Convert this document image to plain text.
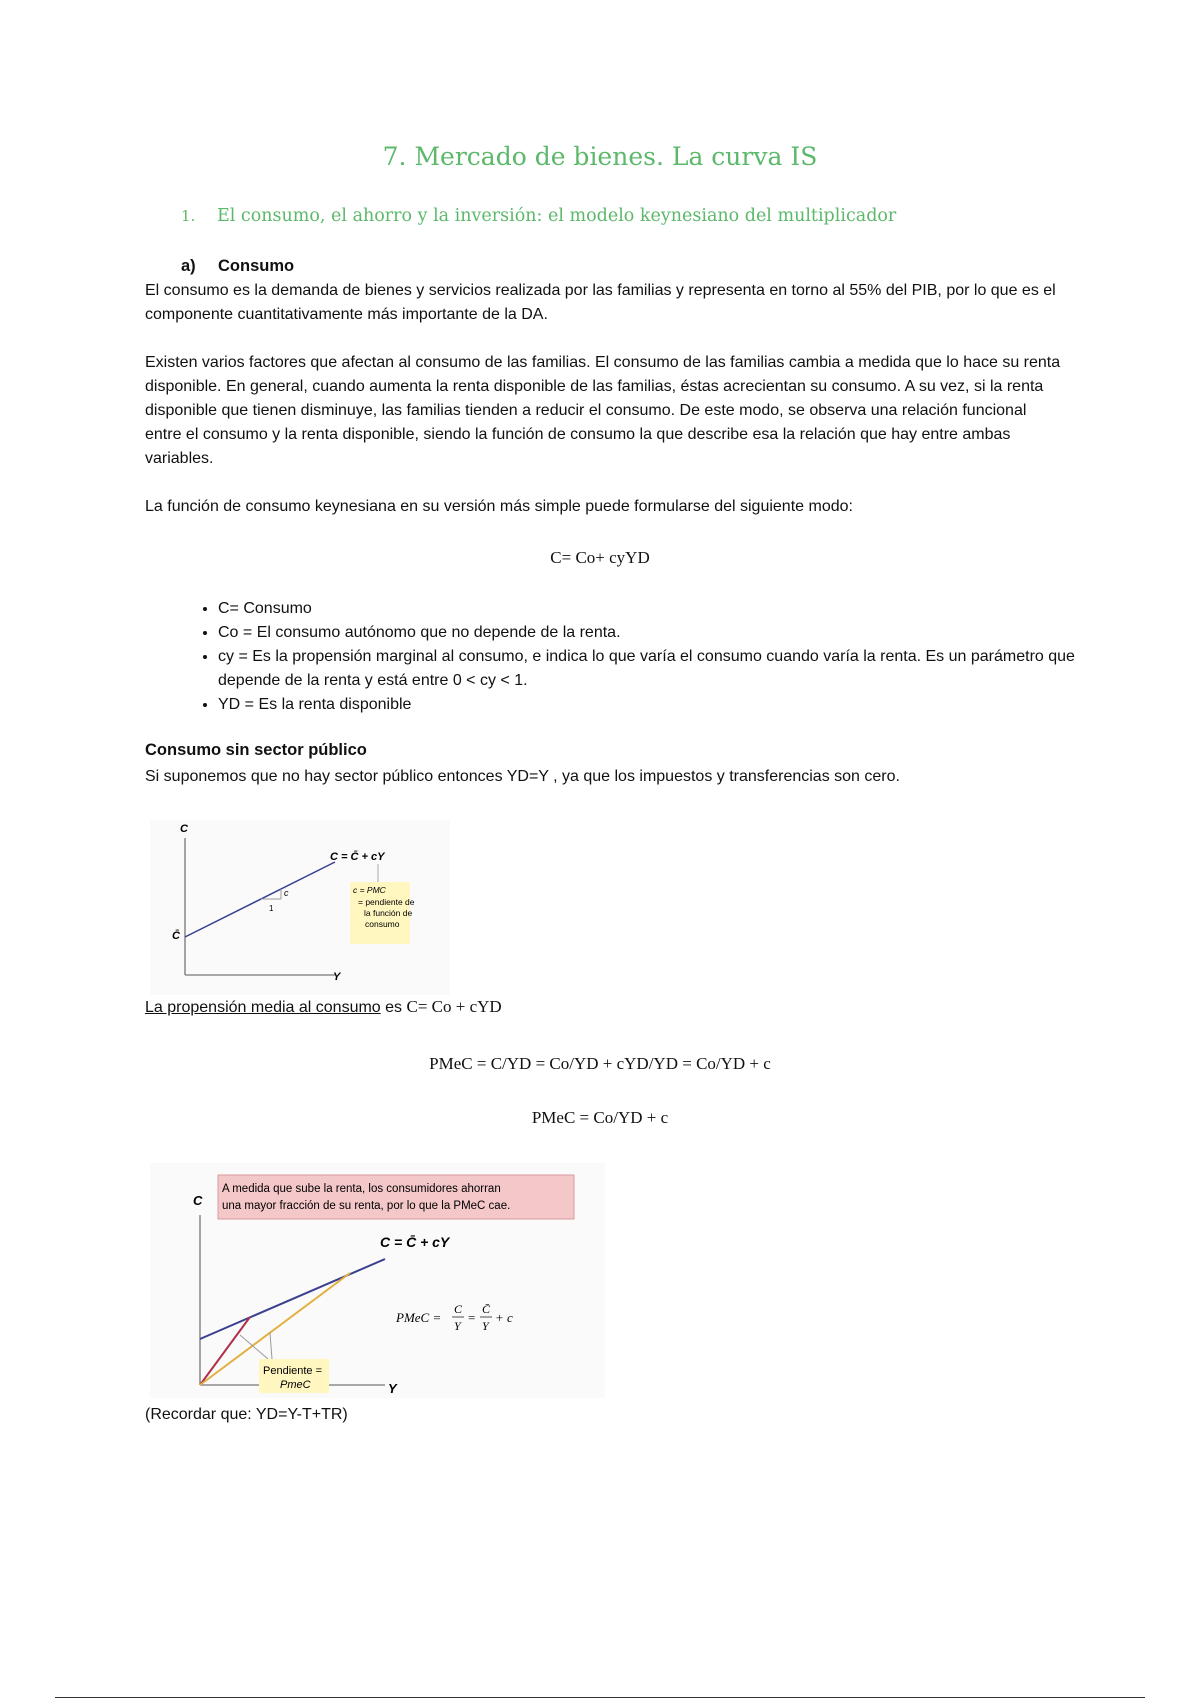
7. Mercado de bienes. La curva IS
1. El consumo, el ahorro y la inversión: el modelo keynesiano del multiplicador
a) Consumo

El consumo es la demanda de bienes y servicios realizada por las familias y representa en torno al 55% del PIB, por lo que es el componente cuantitativamente más importante de la DA.

Existen varios factores que afectan al consumo de las familias. El consumo de las familias cambia a medida que lo hace su renta disponible. En general, cuando aumenta la renta disponible de las familias, éstas acrecientan su consumo. A su vez, si la renta disponible que tienen disminuye, las familias tienden a reducir el consumo. De este modo, se observa una relación funcional entre el consumo y la renta disponible, siendo la función de consumo la que describe esa la relación que hay entre ambas variables.

La función de consumo keynesiana en su versión más simple puede formularse del siguiente modo:

C= Co+ cyYD

• C= Consumo
• Co = El consumo autónomo que no depende de la renta.
• cy = Es la propensión marginal al consumo, e indica lo que varía el consumo cuando varía la renta. Es un parámetro que depende de la renta y está entre 0 < cy < 1.
• YD = Es la renta disponible

Consumo sin sector público

Si suponemos que no hay sector público entonces YD=Y , ya que los impuestos y transferencias son cero.

C
Y
C̄
c
1
C = C̄ + cY
c = PMC
= pendiente de
la función de
consumo

La propensión media al consumo es C= Co + cYD

PMeC = C/YD = Co/YD + cYD/YD = Co/YD + c

PMeC = Co/YD + c

A medida que sube la renta, los consumidores ahorran
una mayor fracción de su renta, por lo que la PMeC cae.
C
Y
Pendiente =
PmeC
C = C̄ + cY
PMeC =
C
Y
=
C̄
Y
+ c

(Recordar que: YD=Y-T+TR)
